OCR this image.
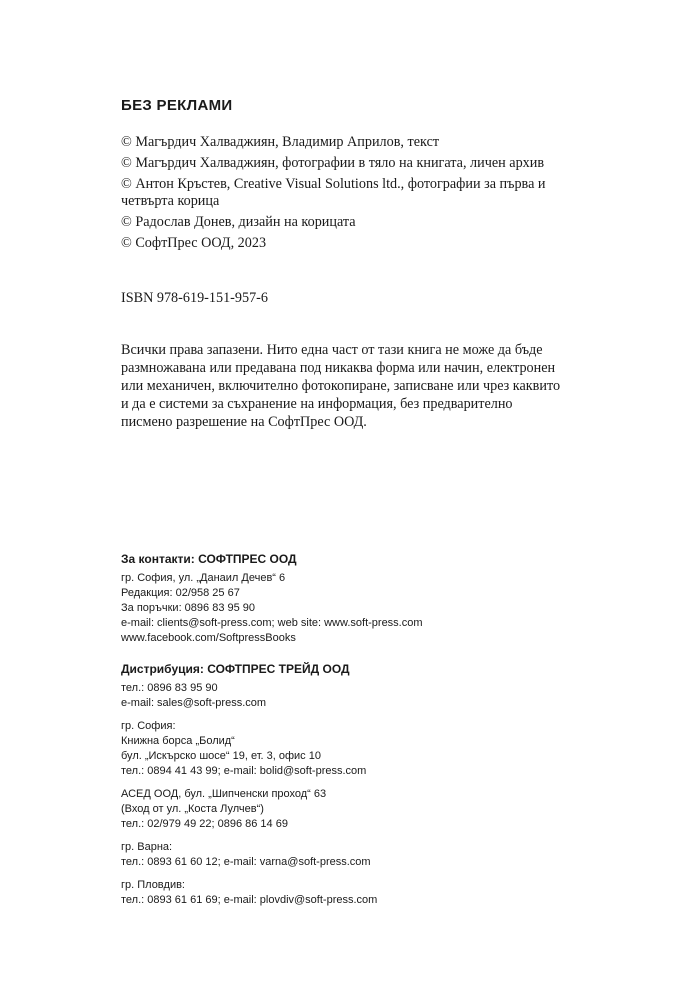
БЕЗ РЕКЛАМИ
© Магърдич Халваджиян, Владимир Априлов, текст
© Магърдич Халваджиян, фотографии в тяло на книгата, личен архив
© Антон Кръстев, Creative Visual Solutions ltd., фотографии за първа и четвърта корица
© Радослав Донев, дизайн на корицата
© СофтПрес ООД, 2023
ISBN 978-619-151-957-6
Всички права запазени. Нито една част от тази книга не може да бъде размножавана или предавана под никаква форма или начин, електронен или механичен, включително фотокопиране, записване или чрез каквито и да е системи за съхранение на информация, без предварително писмено разрешение на СофтПрес ООД.
За контакти: СОФТПРЕС ООД
гр. София, ул. „Данаил Дечев“ 6
Редакция: 02/958 25 67
За поръчки: 0896 83 95 90
e-mail: clients@soft-press.com; web site: www.soft-press.com
www.facebook.com/SoftpressBooks
Дистрибуция: СОФТПРЕС ТРЕЙД ООД
тел.: 0896 83 95 90
e-mail: sales@soft-press.com
гр. София:
Книжна борса „Болид“
бул. „Искърско шосе“ 19, ет. 3, офис 10
тел.: 0894 41 43 99; e-mail: bolid@soft-press.com
АСЕД ООД, бул. „Шипченски проход“ 63
(Вход от ул. „Коста Лулчев“)
тел.: 02/979 49 22; 0896 86 14 69
гр. Варна:
тел.: 0893 61 60 12; e-mail: varna@soft-press.com
гр. Пловдив:
тел.: 0893 61 61 69; e-mail: plovdiv@soft-press.com
